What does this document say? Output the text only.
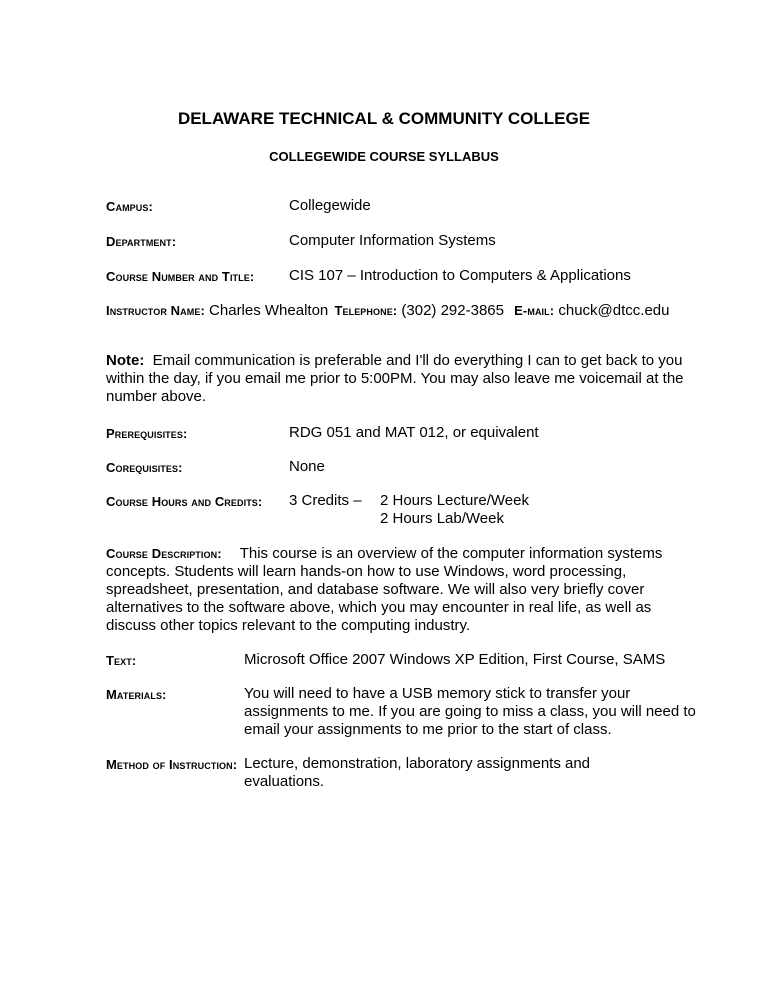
DELAWARE TECHNICAL & COMMUNITY COLLEGE
COLLEGEWIDE COURSE SYLLABUS
Campus:	Collegewide
Department:	Computer Information Systems
Course Number and Title: CIS 107 – Introduction to Computers & Applications
Instructor Name: Charles Whealton Telephone: (302) 292-3865 E-mail: chuck@dtcc.edu
Note: Email communication is preferable and I'll do everything I can to get back to you within the day, if you email me prior to 5:00PM. You may also leave me voicemail at the number above.
Prerequisites:	RDG 051 and MAT 012, or equivalent
Corequisites:	None
Course Hours and Credits: 3 Credits – 2 Hours Lecture/Week
2 Hours Lab/Week
Course Description: This course is an overview of the computer information systems concepts. Students will learn hands-on how to use Windows, word processing, spreadsheet, presentation, and database software. We will also very briefly cover alternatives to the software above, which you may encounter in real life, as well as discuss other topics relevant to the computing industry.
Text:	Microsoft Office 2007 Windows XP Edition, First Course, SAMS
Materials:	You will need to have a USB memory stick to transfer your assignments to me. If you are going to miss a class, you will need to email your assignments to me prior to the start of class.
Method of Instruction: Lecture, demonstration, laboratory assignments and evaluations.
